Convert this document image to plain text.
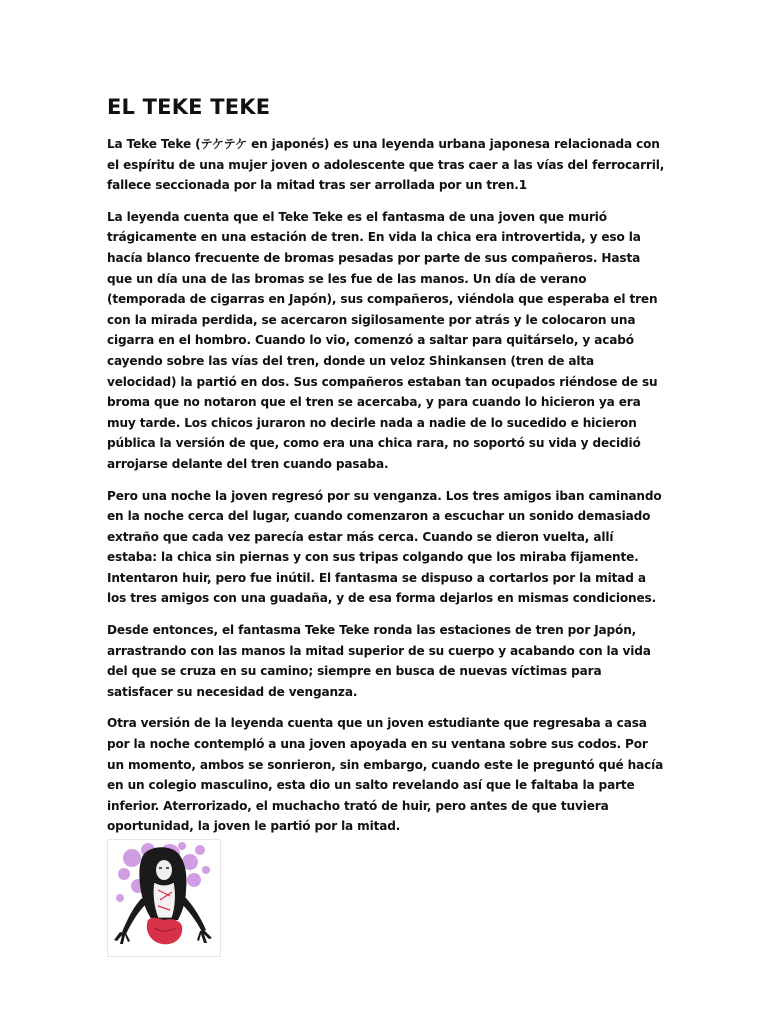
EL TEKE TEKE

La Teke Teke (テケテケ en japonés) es una leyenda urbana japonesa relacionada con el espíritu de una mujer joven o adolescente que tras caer a las vías del ferrocarril, fallece seccionada por la mitad tras ser arrollada por un tren.1

La leyenda cuenta que el Teke Teke es el fantasma de una joven que murió trágicamente en una estación de tren. En vida la chica era introvertida, y eso la hacía blanco frecuente de bromas pesadas por parte de sus compañeros. Hasta que un día una de las bromas se les fue de las manos. Un día de verano (temporada de cigarras en Japón), sus compañeros, viéndola que esperaba el tren con la mirada perdida, se acercaron sigilosamente por atrás y le colocaron una cigarra en el hombro. Cuando lo vio, comenzó a saltar para quitárselo, y acabó cayendo sobre las vías del tren, donde un veloz Shinkansen (tren de alta velocidad) la partió en dos. Sus compañeros estaban tan ocupados riéndose de su broma que no notaron que el tren se acercaba, y para cuando lo hicieron ya era muy tarde. Los chicos juraron no decirle nada a nadie de lo sucedido e hicieron pública la versión de que, como era una chica rara, no soportó su vida y decidió arrojarse delante del tren cuando pasaba.

Pero una noche la joven regresó por su venganza. Los tres amigos iban caminando en la noche cerca del lugar, cuando comenzaron a escuchar un sonido demasiado extraño que cada vez parecía estar más cerca. Cuando se dieron vuelta, allí estaba: la chica sin piernas y con sus tripas colgando que los miraba fijamente. Intentaron huir, pero fue inútil. El fantasma se dispuso a cortarlos por la mitad a los tres amigos con una guadaña, y de esa forma dejarlos en mismas condiciones.

Desde entonces, el fantasma Teke Teke ronda las estaciones de tren por Japón, arrastrando con las manos la mitad superior de su cuerpo y acabando con la vida del que se cruza en su camino; siempre en busca de nuevas víctimas para satisfacer su necesidad de venganza.

Otra versión de la leyenda cuenta que un joven estudiante que regresaba a casa por la noche contempló a una joven apoyada en su ventana sobre sus codos. Por un momento, ambos se sonrieron, sin embargo, cuando este le preguntó qué hacía en un colegio masculino, esta dio un salto revelando así que le faltaba la parte inferior. Aterrorizado, el muchacho trató de huir, pero antes de que tuviera oportunidad, la joven le partió por la mitad.
